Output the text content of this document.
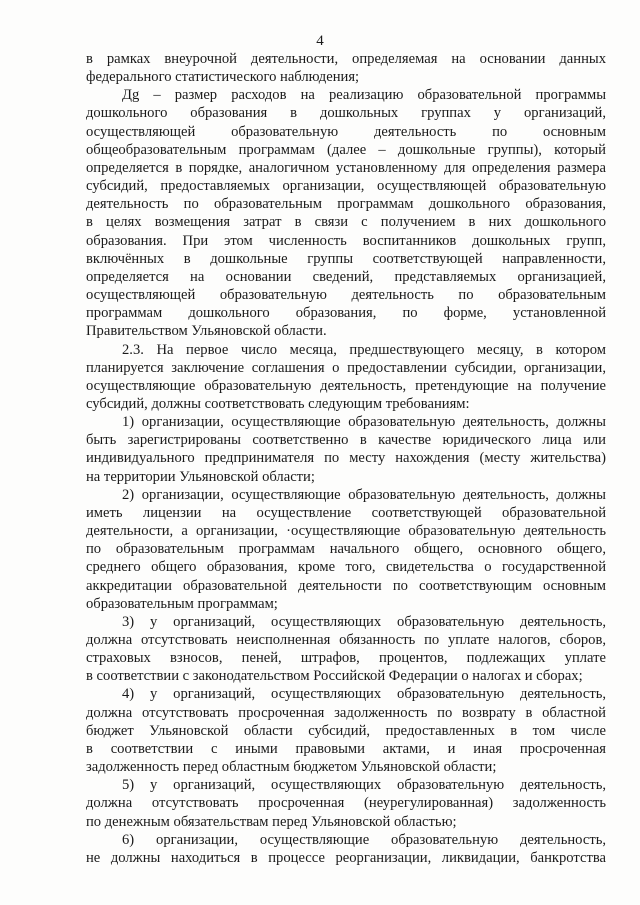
4
в рамках внеурочной деятельности, определяемая на основании данных
федерального статистического наблюдения;
Дg – размер расходов на реализацию образовательной программы
дошкольного образования в дошкольных группах у организаций,
осуществляющей образовательную деятельность по основным
общеобразовательным программам (далее – дошкольные группы), который
определяется в порядке, аналогичном установленному для определения размера
субсидий, предоставляемых организации, осуществляющей образовательную
деятельность по образовательным программам дошкольного образования,
в целях возмещения затрат в связи с получением в них дошкольного
образования. При этом численность воспитанников дошкольных групп,
включённых в дошкольные группы соответствующей направленности,
определяется на основании сведений, представляемых организацией,
осуществляющей образовательную деятельность по образовательным
программам дошкольного образования, по форме, установленной
Правительством Ульяновской области.
2.3. На первое число месяца, предшествующего месяцу, в котором
планируется заключение соглашения о предоставлении субсидии, организации,
осуществляющие образовательную деятельность, претендующие на получение
субсидий, должны соответствовать следующим требованиям:
1) организации, осуществляющие образовательную деятельность, должны
быть зарегистрированы соответственно в качестве юридического лица или
индивидуального предпринимателя по месту нахождения (месту жительства)
на территории Ульяновской области;
2) организации, осуществляющие образовательную деятельность, должны
иметь лицензии на осуществление соответствующей образовательной
деятельности, а организации, ·осуществляющие образовательную деятельность
по образовательным программам начального общего, основного общего,
среднего общего образования, кроме того, свидетельства о государственной
аккредитации образовательной деятельности по соответствующим основным
образовательным программам;
3) у организаций, осуществляющих образовательную деятельность,
должна отсутствовать неисполненная обязанность по уплате налогов, сборов,
страховых взносов, пеней, штрафов, процентов, подлежащих уплате
в соответствии с законодательством Российской Федерации о налогах и сборах;
4) у организаций, осуществляющих образовательную деятельность,
должна отсутствовать просроченная задолженность по возврату в областной
бюджет Ульяновской области субсидий, предоставленных в том числе
в соответствии с иными правовыми актами, и иная просроченная
задолженность перед областным бюджетом Ульяновской области;
5) у организаций, осуществляющих образовательную деятельность,
должна отсутствовать просроченная (неурегулированная) задолженность
по денежным обязательствам перед Ульяновской областью;
6) организации, осуществляющие образовательную деятельность,
не должны находиться в процессе реорганизации, ликвидации, банкротства
